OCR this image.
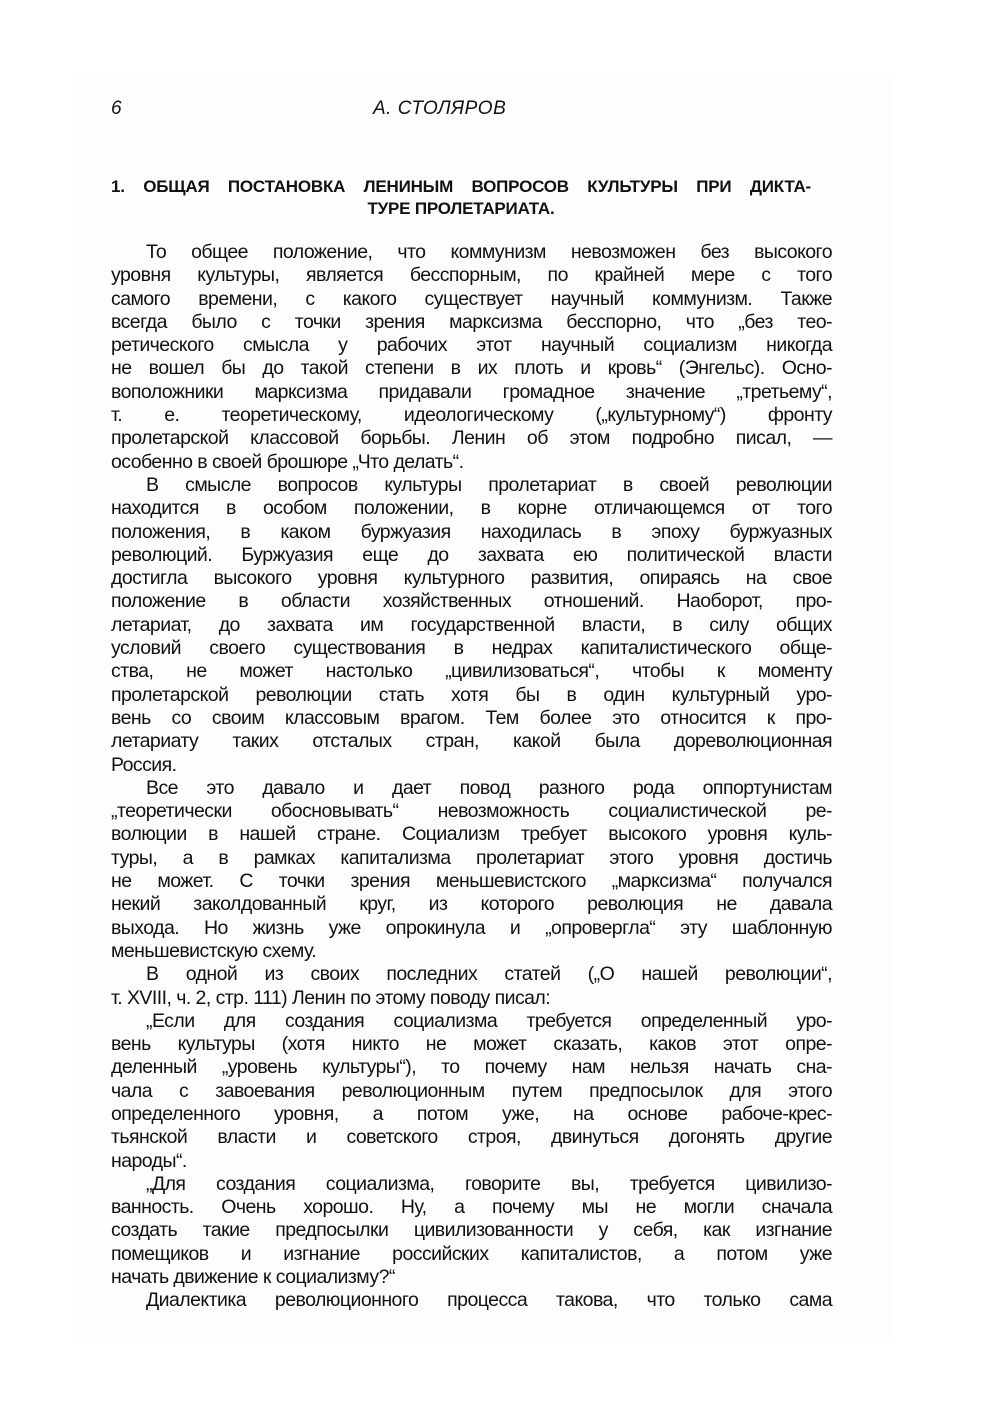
6	А. СТОЛЯРОВ
1. ОБЩАЯ ПОСТАНОВКА ЛЕНИНЫМ ВОПРОСОВ КУЛЬТУРЫ ПРИ ДИКТА-
ТУРЕ ПРОЛЕТАРИАТА.
То общее положение, что коммунизм невозможен без высокого
уровня культуры, является бесспорным, по крайней мере с того
самого времени, с какого существует научный коммунизм. Также
всегда было с точки зрения марксизма бесспорно, что „без тео-
ретического смысла у рабочих этот научный социализм никогда
не вошел бы до такой степени в их плоть и кровь“ (Энгельс). Осно-
воположники марксизма придавали громадное значение „третьему“,
т. е. теоретическому, идеологическому („культурному“) фронту
пролетарской классовой борьбы. Ленин об этом подробно писал, —
особенно в своей брошюре „Что делать“.
В смысле вопросов культуры пролетариат в своей революции
находится в особом положении, в корне отличающемся от того
положения, в каком буржуазия находилась в эпоху буржуазных
революций. Буржуазия еще до захвата ею политической власти
достигла высокого уровня культурного развития, опираясь на свое
положение в области хозяйственных отношений. Наоборот, про-
летариат, до захвата им государственной власти, в силу общих
условий своего существования в недрах капиталистического обще-
ства, не может настолько „цивилизоваться“, чтобы к моменту
пролетарской революции стать хотя бы в один культурный уро-
вень со своим классовым врагом. Тем более это относится к про-
летариату таких отсталых стран, какой была дореволюционная
Россия.
Все это давало и дает повод разного рода оппортунистам
„теоретически обосновывать“ невозможность социалистической ре-
волюции в нашей стране. Социализм требует высокого уровня куль-
туры, а в рамках капитализма пролетариат этого уровня достичь
не может. С точки зрения меньшевистского „марксизма“ получался
некий заколдованный круг, из которого революция не давала
выхода. Но жизнь уже опрокинула и „опровергла“ эту шаблонную
меньшевистскую схему.
В одной из своих последних статей („О нашей революции“,
т. XVIII, ч. 2, стр. 111) Ленин по этому поводу писал:
„Если для создания социализма требуется определенный уро-
вень культуры (хотя никто не может сказать, каков этот опре-
деленный „уровень культуры“), то почему нам нельзя начать сна-
чала с завоевания революционным путем предпосылок для этого
определенного уровня, а потом уже, на основе рабоче-крес-
тьянской власти и советского строя, двинуться догонять другие
народы“.
„Для создания социализма, говорите вы, требуется цивилизо-
ванность. Очень хорошо. Ну, а почему мы не могли сначала
создать такие предпосылки цивилизованности у себя, как изгнание
помещиков и изгнание российских капиталистов, а потом уже
начать движение к социализму?“
Диалектика революционного процесса такова, что только сама
